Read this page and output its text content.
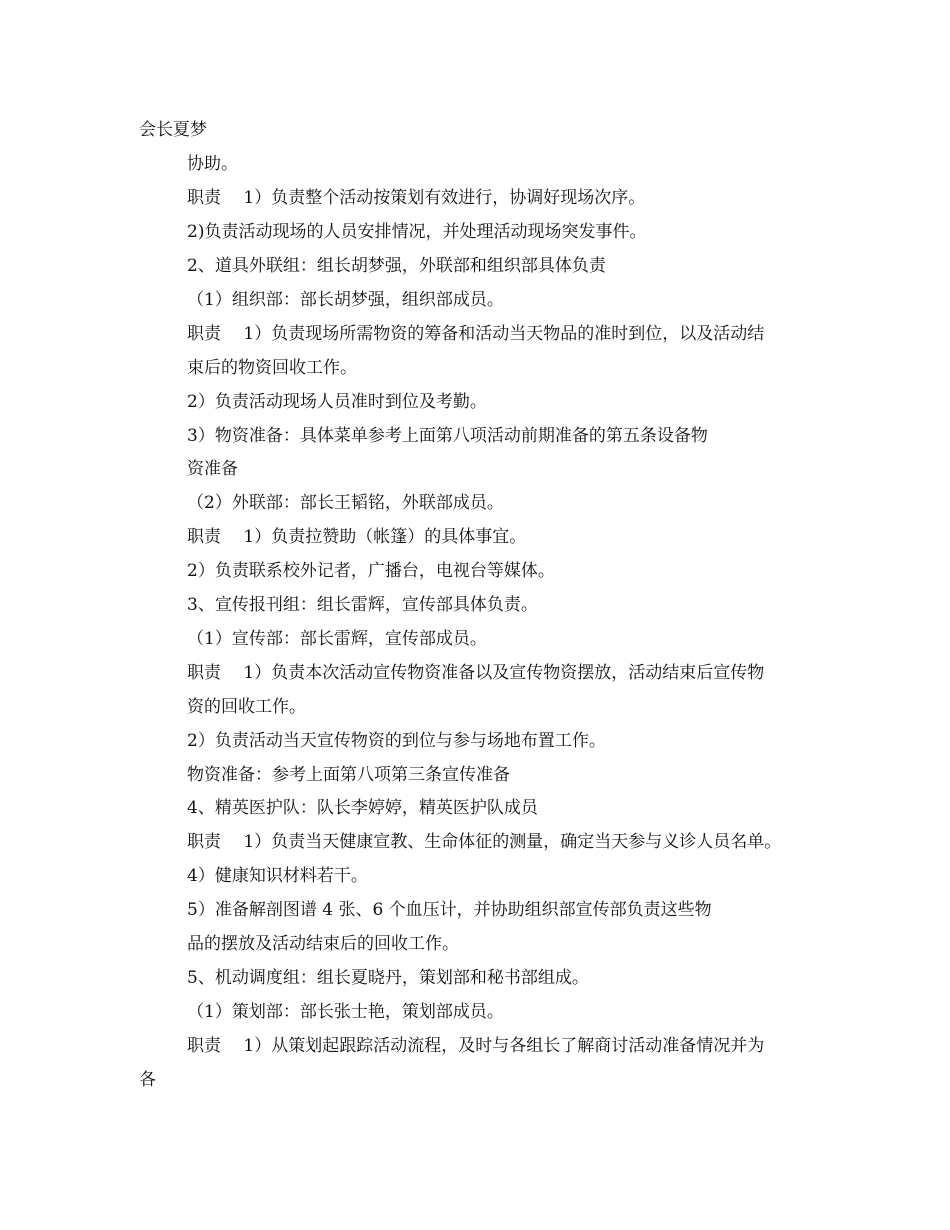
会长夏梦
协助。
职责　 1）负责整个活动按策划有效进行，协调好现场次序。
2)负责活动现场的人员安排情况，并处理活动现场突发事件。
2、道具外联组：组长胡梦强，外联部和组织部具体负责
（1）组织部：部长胡梦强，组织部成员。
职责　 1）负责现场所需物资的筹备和活动当天物品的准时到位，以及活动结
束后的物资回收工作。
2）负责活动现场人员准时到位及考勤。
3）物资准备：具体菜单参考上面第八项活动前期准备的第五条设备物
资准备
（2）外联部：部长王韬铭，外联部成员。
职责　 1）负责拉赞助（帐篷）的具体事宜。
2）负责联系校外记者，广播台，电视台等媒体。
3、宣传报刊组：组长雷辉，宣传部具体负责。
（1）宣传部：部长雷辉，宣传部成员。
职责　 1）负责本次活动宣传物资准备以及宣传物资摆放，活动结束后宣传物
资的回收工作。
2）负责活动当天宣传物资的到位与参与场地布置工作。
物资准备：参考上面第八项第三条宣传准备
4、精英医护队：队长李婷婷，精英医护队成员
职责　 1）负责当天健康宣教、生命体征的测量，确定当天参与义诊人员名单。
4）健康知识材料若干。
5）准备解剖图谱 4 张、6 个血压计，并协助组织部宣传部负责这些物
品的摆放及活动结束后的回收工作。
5、机动调度组：组长夏晓丹，策划部和秘书部组成。
（1）策划部：部长张士艳，策划部成员。
职责　 1）从策划起跟踪活动流程，及时与各组长了解商讨活动准备情况并为
各
